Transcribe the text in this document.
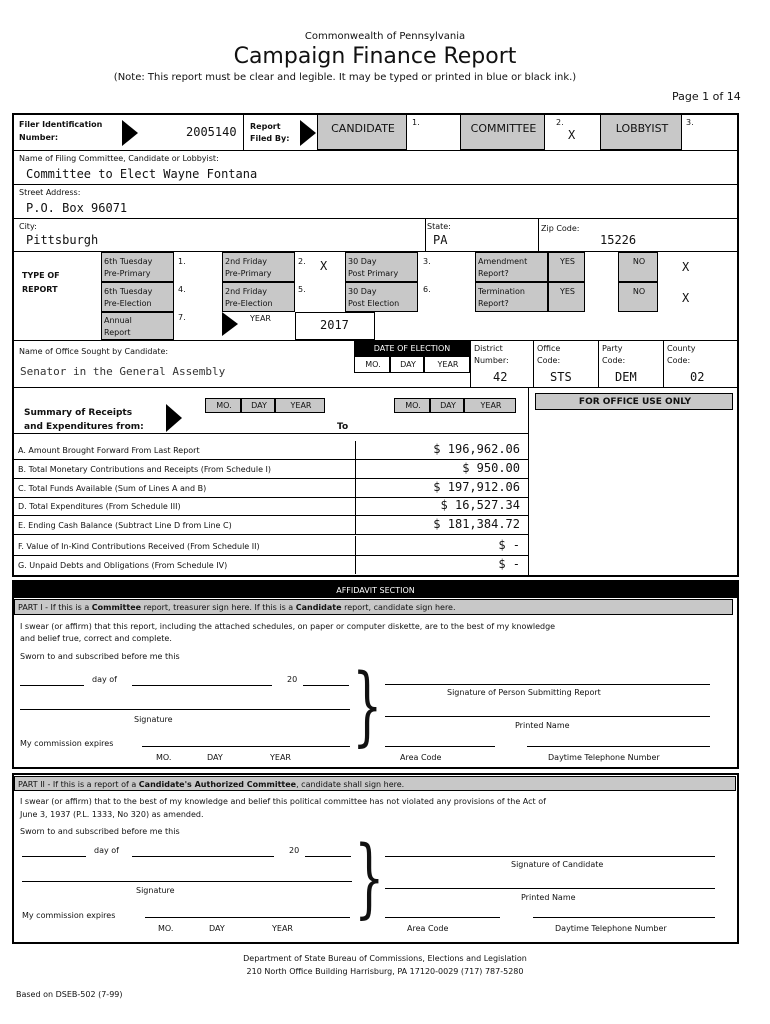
Commonwealth of Pennsylvania
Campaign Finance Report
(Note: This report must be clear and legible. It may be typed or printed in blue or black ink.)
Page 1 of 14
Filer Identification
Number:	2005140 Report
Filed By:
CANDIDATE	1.	COMMITTEE	2.
X	LOBBYIST	3.
Name of Filing Committee, Candidate or Lobbyist:
Committee to Elect Wayne Fontana
Street Address:
P.O. Box 96071
City:
Pittsburgh
State:
PA
Zip Code:
15226
TYPE OF
REPORT
6th Tuesday
Pre-Primary
1.	2nd Friday
Pre-Primary
2. X	30 Day
Post Primary
3.	Amendment
Report?
YES	NO	X
6th Tuesday
Pre-Election
4.	2nd Friday
Pre-Election
5.	30 Day
Post Election
6.	Termination
Report?
YES	NO	X
Annual
Report
7.	YEAR	2017
Name of Office Sought by Candidate:
Senator in the General Assembly
DATE OF ELECTION
MO.	DAY	YEAR
District
Number:
42
Office
Code:
STS
Party
Code:
DEM
County
Code:
02
Summary of Receipts
and Expenditures from:
MO.	DAY	YEAR
To
MO.	DAY	YEAR	FOR OFFICE USE ONLY
A. Amount Brought Forward From Last Report	$ 196,962.06
B. Total Monetary Contributions and Receipts (From Schedule I)	$ 950.00
C. Total Funds Available (Sum of Lines A and B)	$ 197,912.06
D. Total Expenditures (From Schedule III)	$ 16,527.34
E. Ending Cash Balance (Subtract Line D from Line C)	$ 181,384.72
F. Value of In-Kind Contributions Received (From Schedule II)	$ -
G. Unpaid Debts and Obligations (From Schedule IV)	$ -
AFFIDAVIT SECTION
PART I - If this is a Committee report, treasurer sign here. If this is a Candidate report, candidate sign here.
I swear (or affirm) that this report, including the attached schedules, on paper or computer diskette, are to the best of my knowledge
and belief true, correct and complete.
Sworn to and subscribed before me this
day of	20
Signature
My commission expires
MO.	DAY	YEAR
}	Signature of Person Submitting Report
Printed Name
Area Code	Daytime Telephone Number
PART II - If this is a report of a Candidate's Authorized Committee, candidate shall sign here.
I swear (or affirm) that to the best of my knowledge and belief this political committee has not violated any provisions of the Act of
June 3, 1937 (P.L. 1333, No 320) as amended.
Sworn to and subscribed before me this
day of	20
Signature
My commission expires
MO.	DAY	YEAR
}	Signature of Candidate
Printed Name
Area Code	Daytime Telephone Number
Department of State Bureau of Commissions, Elections and Legislation
210 North Office Building Harrisburg, PA 17120-0029 (717) 787-5280
Based on DSEB-502 (7-99)
